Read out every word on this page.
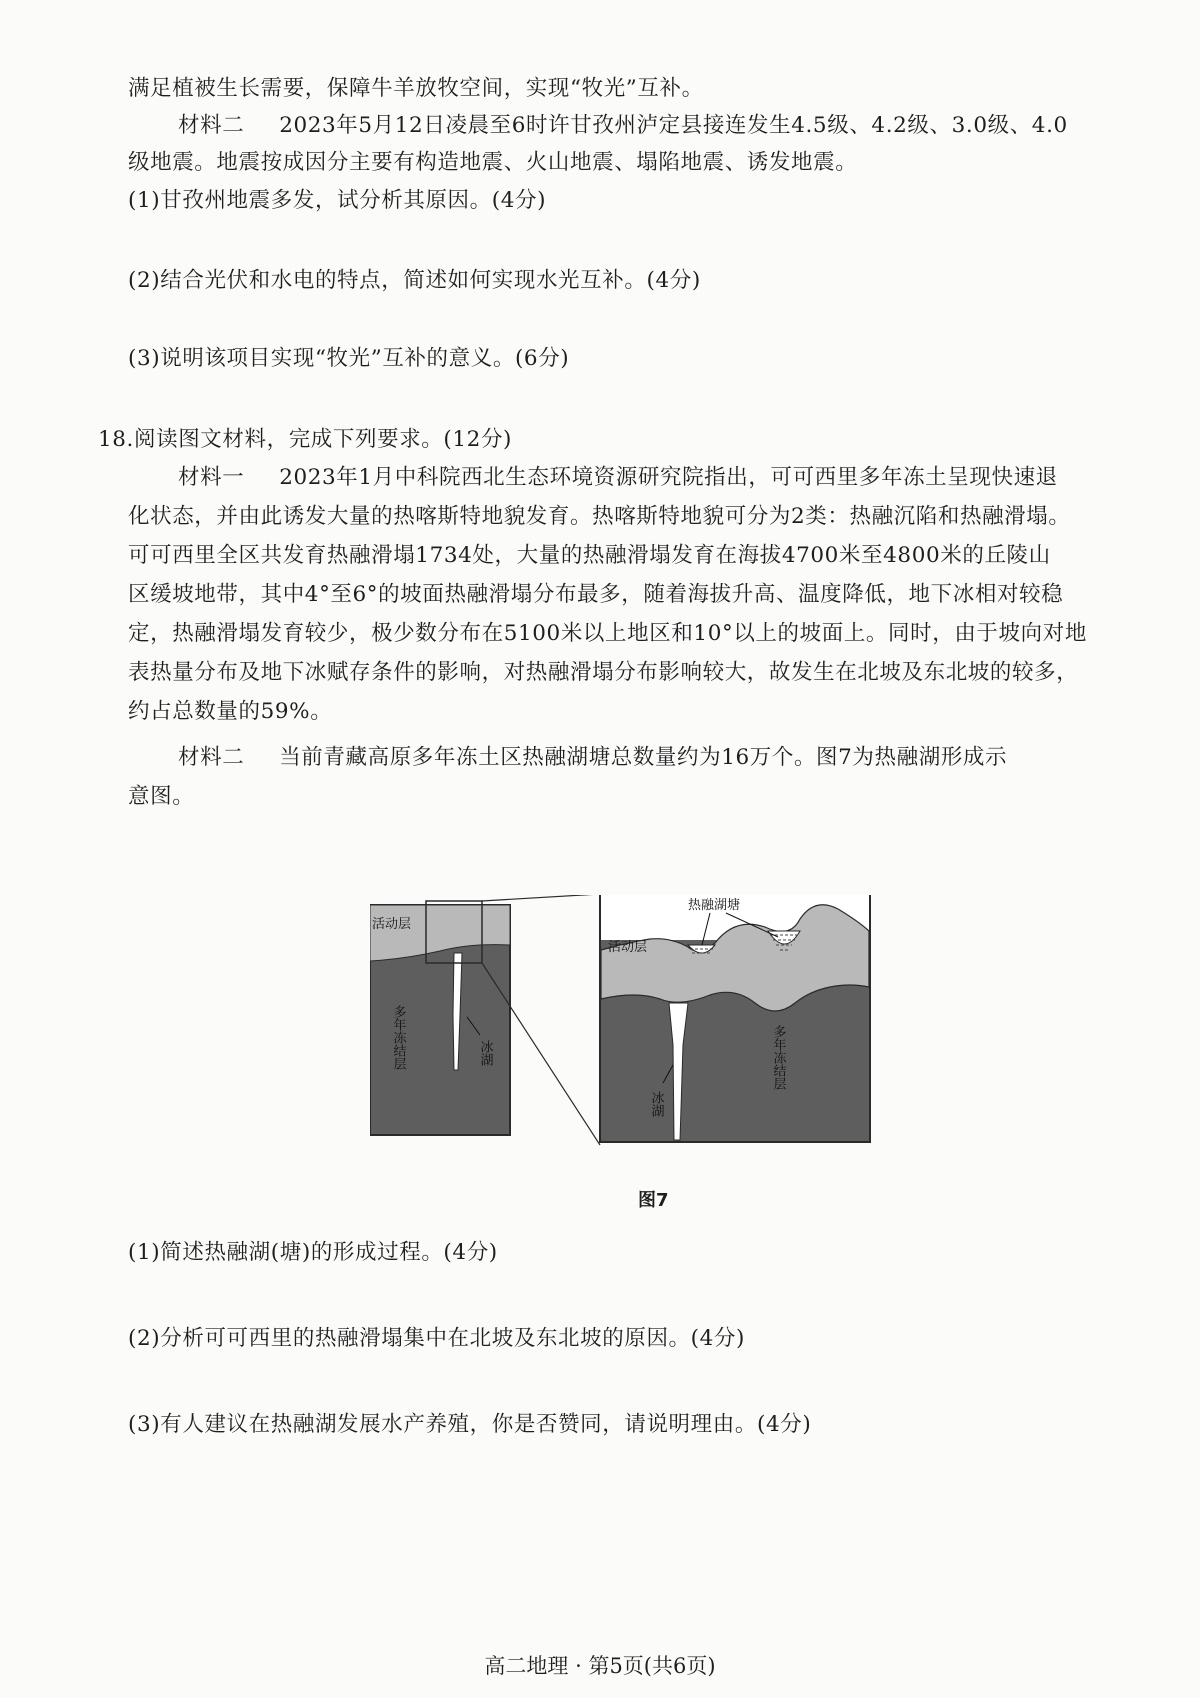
满足植被生长需要，保障牛羊放牧空间，实现“牧光”互补。
材料二 2023年5月12日凌晨至6时许甘孜州泸定县接连发生4.5级、4.2级、3.0级、4.0
级地震。地震按成因分主要有构造地震、火山地震、塌陷地震、诱发地震。
(1)甘孜州地震多发，试分析其原因。(4分)
(2)结合光伏和水电的特点，简述如何实现水光互补。(4分)
(3)说明该项目实现“牧光”互补的意义。(6分)
18.阅读图文材料，完成下列要求。(12分)
材料一 2023年1月中科院西北生态环境资源研究院指出，可可西里多年冻土呈现快速退
化状态，并由此诱发大量的热喀斯特地貌发育。热喀斯特地貌可分为2类：热融沉陷和热融滑塌。
可可西里全区共发育热融滑塌1734处，大量的热融滑塌发育在海拔4700米至4800米的丘陵山
区缓坡地带，其中4°至6°的坡面热融滑塌分布最多，随着海拔升高、温度降低，地下冰相对较稳
定，热融滑塌发育较少，极少数分布在5100米以上地区和10°以上的坡面上。同时，由于坡向对地
表热量分布及地下冰赋存条件的影响，对热融滑塌分布影响较大，故发生在北坡及东北坡的较多，
约占总数量的59%。
材料二 当前青藏高原多年冻土区热融湖塘总数量约为16万个。图7为热融湖形成示
意图。
活动层
多年冻结层	冰湖
热融湖塘
活动层
冰湖
多年冻结层
图7
(1)简述热融湖(塘)的形成过程。(4分)
(2)分析可可西里的热融滑塌集中在北坡及东北坡的原因。(4分)
(3)有人建议在热融湖发展水产养殖，你是否赞同，请说明理由。(4分)
高二地理 · 第5页(共6页)
